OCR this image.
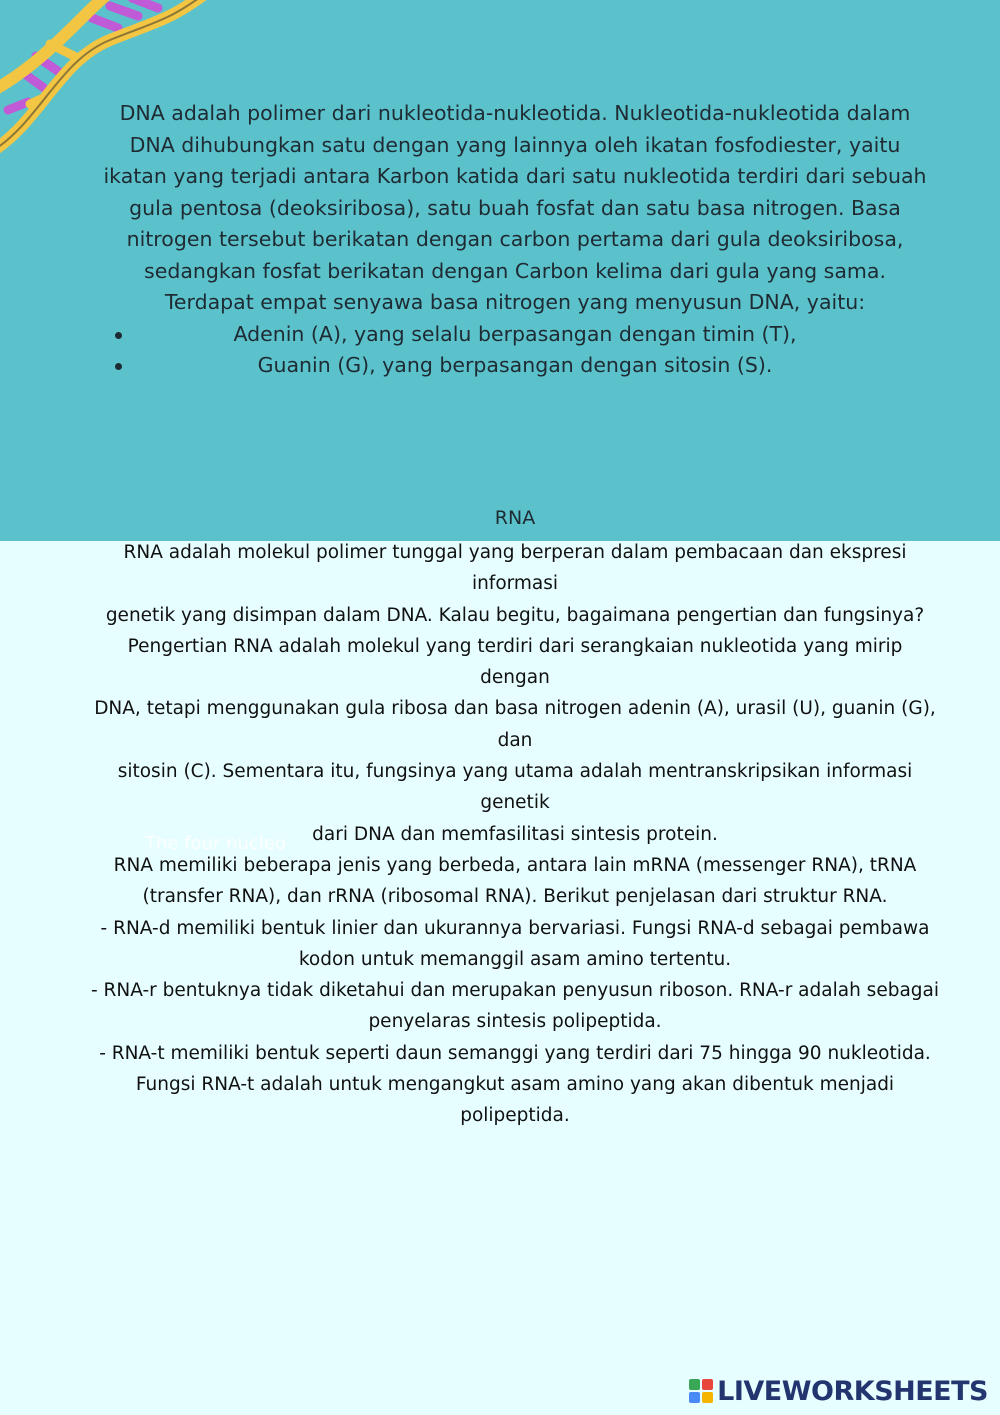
DNA adalah polimer dari nukleotida-nukleotida. Nukleotida-nukleotida dalam

DNA dihubungkan satu dengan yang lainnya oleh ikatan fosfodiester, yaitu

ikatan yang terjadi antara Karbon katida dari satu nukleotida terdiri dari sebuah

gula pentosa (deoksiribosa), satu buah fosfat dan satu basa nitrogen. Basa

nitrogen tersebut berikatan dengan carbon pertama dari gula deoksiribosa,

sedangkan fosfat berikatan dengan Carbon kelima dari gula yang sama.

Terdapat empat senyawa basa nitrogen yang menyusun DNA, yaitu:

Adenin (A), yang selalu berpasangan dengan timin (T),
Guanin (G), yang berpasangan dengan sitosin (S).
RNA

RNA adalah molekul polimer tunggal yang berperan dalam pembacaan dan ekspresi informasi

genetik yang disimpan dalam DNA. Kalau begitu, bagaimana pengertian dan fungsinya?

Pengertian RNA adalah molekul yang terdiri dari serangkaian nukleotida yang mirip dengan

DNA, tetapi menggunakan gula ribosa dan basa nitrogen adenin (A), urasil (U), guanin (G), dan

sitosin (C). Sementara itu, fungsinya yang utama adalah mentranskripsikan informasi genetik

dari DNA dan memfasilitasi sintesis protein.

RNA memiliki beberapa jenis yang berbeda, antara lain mRNA (messenger RNA), tRNA

(transfer RNA), dan rRNA (ribosomal RNA). Berikut penjelasan dari struktur RNA.

- RNA-d memiliki bentuk linier dan ukurannya bervariasi. Fungsi RNA-d sebagai pembawa

kodon untuk memanggil asam amino tertentu.

- RNA-r bentuknya tidak diketahui dan merupakan penyusun riboson. RNA-r adalah sebagai

penyelaras sintesis polipeptida.

- RNA-t memiliki bentuk seperti daun semanggi yang terdiri dari 75 hingga 90 nukleotida.

Fungsi RNA-t adalah untuk mengangkut asam amino yang akan dibentuk menjadi polipeptida.

The four nucleo
LIVEWORKSHEETS
